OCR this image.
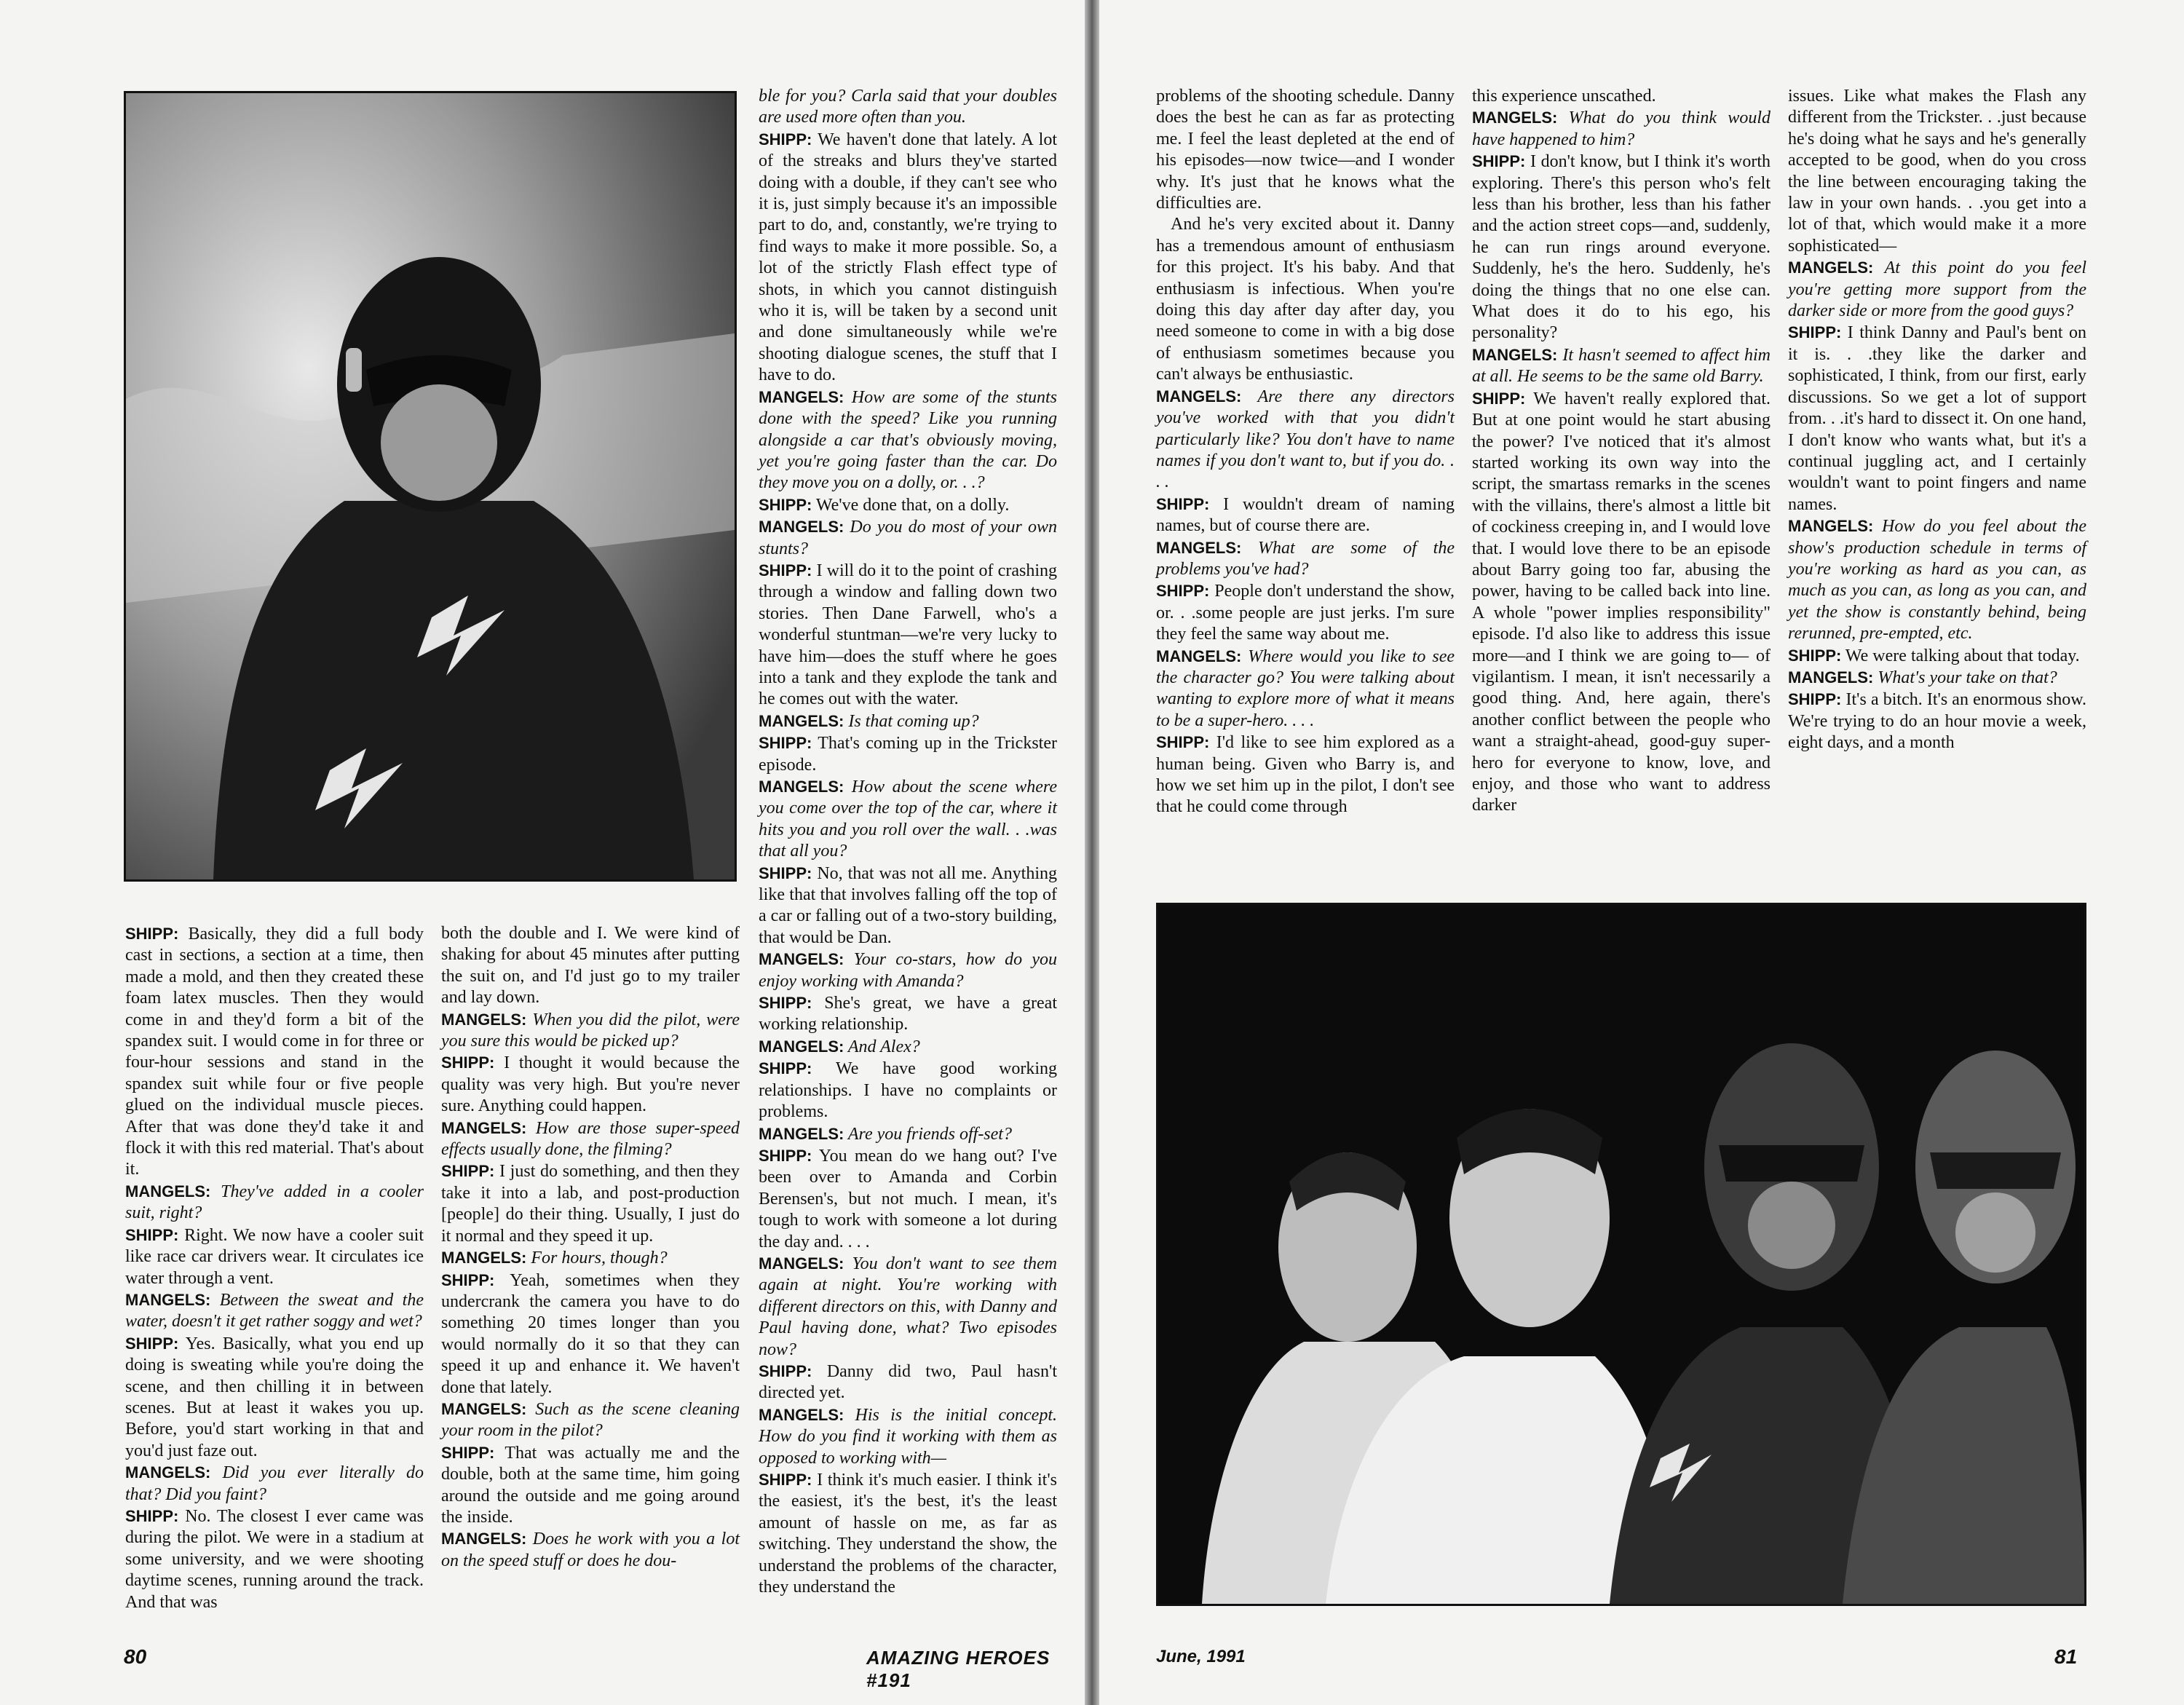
SHIPP: Basically, they did a full body cast in sections, a section at a time, then made a mold, and then they created these foam latex muscles. Then they would come in and they'd form a bit of the spandex suit. I would come in for three or four-hour sessions and stand in the spandex suit while four or five people glued on the individual muscle pieces. After that was done they'd take it and flock it with this red material. That's about it.

MANGELS: They've added in a cooler suit, right?

SHIPP: Right. We now have a cooler suit like race car drivers wear. It circulates ice water through a vent.

MANGELS: Between the sweat and the water, doesn't it get rather soggy and wet?

SHIPP: Yes. Basically, what you end up doing is sweating while you're doing the scene, and then chilling it in between scenes. But at least it wakes you up. Before, you'd start working in that and you'd just faze out.

MANGELS: Did you ever literally do that? Did you faint?

SHIPP: No. The closest I ever came was during the pilot. We were in a stadium at some university, and we were shooting daytime scenes, running around the track. And that was

both the double and I. We were kind of shaking for about 45 minutes after putting the suit on, and I'd just go to my trailer and lay down.

MANGELS: When you did the pilot, were you sure this would be picked up?

SHIPP: I thought it would because the quality was very high. But you're never sure. Anything could happen.

MANGELS: How are those super-speed effects usually done, the filming?

SHIPP: I just do something, and then they take it into a lab, and post-production [people] do their thing. Usually, I just do it normal and they speed it up.

MANGELS: For hours, though?

SHIPP: Yeah, sometimes when they undercrank the camera you have to do something 20 times longer than you would normally do it so that they can speed it up and enhance it. We haven't done that lately.

MANGELS: Such as the scene cleaning your room in the pilot?

SHIPP: That was actually me and the double, both at the same time, him going around the outside and me going around the inside.

MANGELS: Does he work with you a lot on the speed stuff or does he dou-

ble for you? Carla said that your doubles are used more often than you.

SHIPP: We haven't done that lately. A lot of the streaks and blurs they've started doing with a double, if they can't see who it is, just simply because it's an impossible part to do, and, constantly, we're trying to find ways to make it more possible. So, a lot of the strictly Flash effect type of shots, in which you cannot distinguish who it is, will be taken by a second unit and done simultaneously while we're shooting dialogue scenes, the stuff that I have to do.

MANGELS: How are some of the stunts done with the speed? Like you running alongside a car that's obviously moving, yet you're going faster than the car. Do they move you on a dolly, or. . .?

SHIPP: We've done that, on a dolly.

MANGELS: Do you do most of your own stunts?

SHIPP: I will do it to the point of crashing through a window and falling down two stories. Then Dane Farwell, who's a wonderful stuntman—we're very lucky to have him—does the stuff where he goes into a tank and they explode the tank and he comes out with the water.

MANGELS: Is that coming up?

SHIPP: That's coming up in the Trickster episode.

MANGELS: How about the scene where you come over the top of the car, where it hits you and you roll over the wall. . .was that all you?

SHIPP: No, that was not all me. Anything like that that involves falling off the top of a car or falling out of a two-story building, that would be Dan.

MANGELS: Your co-stars, how do you enjoy working with Amanda?

SHIPP: She's great, we have a great working relationship.

MANGELS: And Alex?

SHIPP: We have good working relationships. I have no complaints or problems.

MANGELS: Are you friends off-set?

SHIPP: You mean do we hang out? I've been over to Amanda and Corbin Berensen's, but not much. I mean, it's tough to work with someone a lot during the day and. . . .

MANGELS: You don't want to see them again at night. You're working with different directors on this, with Danny and Paul having done, what? Two episodes now?

SHIPP: Danny did two, Paul hasn't directed yet.

MANGELS: His is the initial concept. How do you find it working with them as opposed to working with—

SHIPP: I think it's much easier. I think it's the easiest, it's the best, it's the least amount of hassle on me, as far as switching. They understand the show, the understand the problems of the character, they understand the

80	AMAZING HEROES #191

problems of the shooting schedule. Danny does the best he can as far as protecting me. I feel the least depleted at the end of his episodes—now twice—and I wonder why. It's just that he knows what the difficulties are.

And he's very excited about it. Danny has a tremendous amount of enthusiasm for this project. It's his baby. And that enthusiasm is infectious. When you're doing this day after day after day, you need someone to come in with a big dose of enthusiasm sometimes because you can't always be enthusiastic.

MANGELS: Are there any directors you've worked with that you didn't particularly like? You don't have to name names if you don't want to, but if you do. . . .

SHIPP: I wouldn't dream of naming names, but of course there are.

MANGELS: What are some of the problems you've had?

SHIPP: People don't understand the show, or. . .some people are just jerks. I'm sure they feel the same way about me.

MANGELS: Where would you like to see the character go? You were talking about wanting to explore more of what it means to be a super-hero. . . .

SHIPP: I'd like to see him explored as a human being. Given who Barry is, and how we set him up in the pilot, I don't see that he could come through

this experience unscathed.

MANGELS: What do you think would have happened to him?

SHIPP: I don't know, but I think it's worth exploring. There's this person who's felt less than his brother, less than his father and the action street cops—and, suddenly, he can run rings around everyone. Suddenly, he's the hero. Suddenly, he's doing the things that no one else can. What does it do to his ego, his personality?

MANGELS: It hasn't seemed to affect him at all. He seems to be the same old Barry.

SHIPP: We haven't really explored that. But at one point would he start abusing the power? I've noticed that it's almost started working its own way into the script, the smartass remarks in the scenes with the villains, there's almost a little bit of cockiness creeping in, and I would love that. I would love there to be an episode about Barry going too far, abusing the power, having to be called back into line. A whole "power implies responsibility" episode. I'd also like to address this issue more—and I think we are going to— of vigilantism. I mean, it isn't necessarily a good thing. And, here again, there's another conflict between the people who want a straight-ahead, good-guy super-hero for everyone to know, love, and enjoy, and those who want to address darker

issues. Like what makes the Flash any different from the Trickster. . .just because he's doing what he says and he's generally accepted to be good, when do you cross the line between encouraging taking the law in your own hands. . .you get into a lot of that, which would make it a more sophisticated—

MANGELS: At this point do you feel you're getting more support from the darker side or more from the good guys?

SHIPP: I think Danny and Paul's bent on it is. . .they like the darker and sophisticated, I think, from our first, early discussions. So we get a lot of support from. . .it's hard to dissect it. On one hand, I don't know who wants what, but it's a continual juggling act, and I certainly wouldn't want to point fingers and name names.

MANGELS: How do you feel about the show's production schedule in terms of you're working as hard as you can, as much as you can, as long as you can, and yet the show is constantly behind, being rerunned, pre-empted, etc.

SHIPP: We were talking about that today.

MANGELS: What's your take on that?

SHIPP: It's a bitch. It's an enormous show. We're trying to do an hour movie a week, eight days, and a month

June, 1991	81
